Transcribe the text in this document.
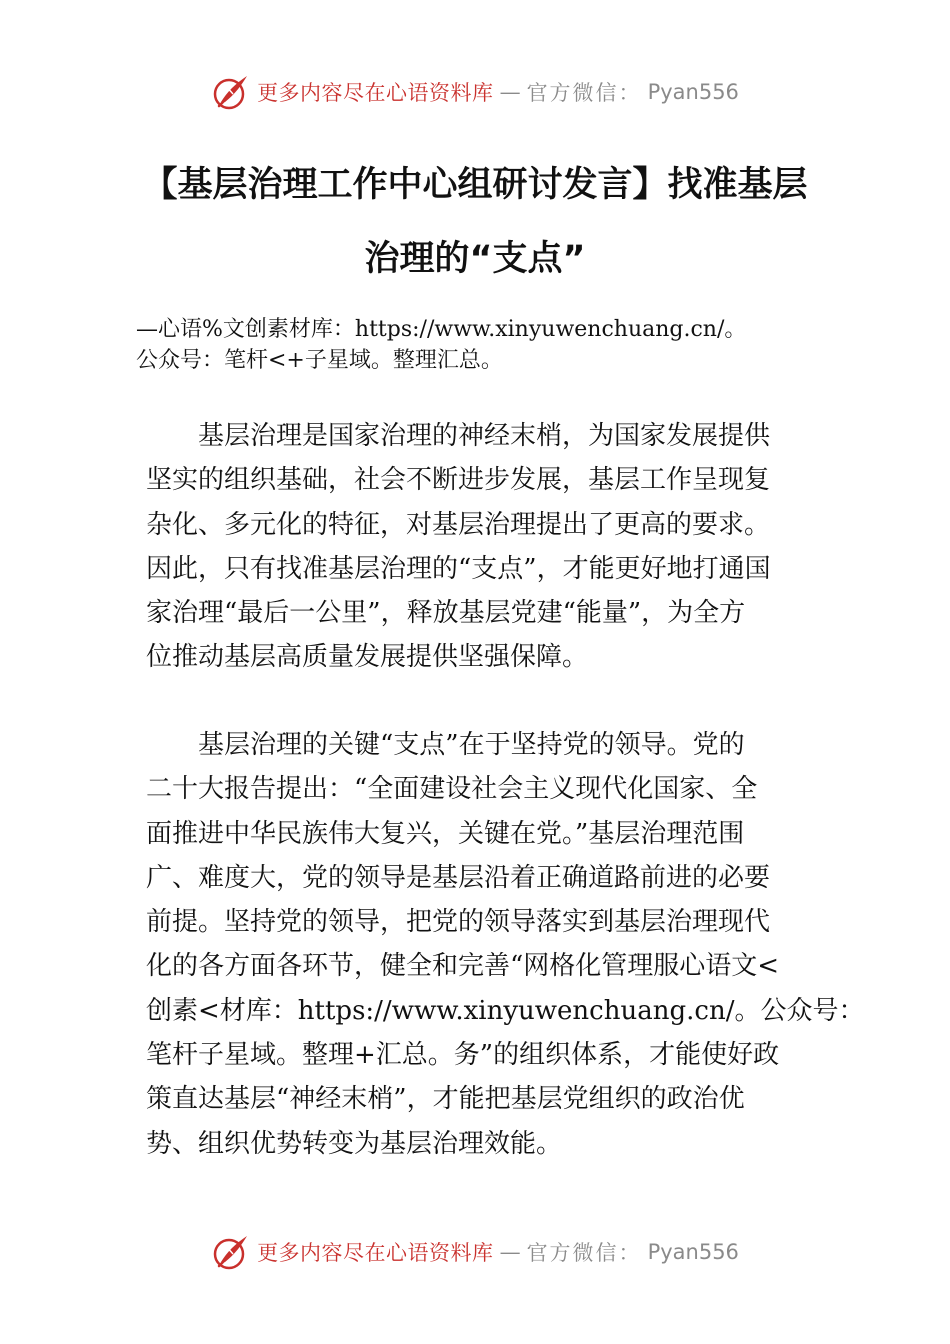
更多内容尽在心语资料库 — 官方微信： Pyan556
【基层治理工作中心组研讨发言】找准基层
治理的“支点”
—心语%文创素材库：https://www.xinyuwenchuang.cn/。
公众号：笔杆<+子星域。整理汇总。
基层治理是国家治理的神经末梢，为国家发展提供
坚实的组织基础，社会不断进步发展，基层工作呈现复
杂化、多元化的特征，对基层治理提出了更高的要求。
因此，只有找准基层治理的“支点”，才能更好地打通国
家治理“最后一公里”，释放基层党建“能量”，为全方
位推动基层高质量发展提供坚强保障。
基层治理的关键“支点”在于坚持党的领导。党的
二十大报告提出：“全面建设社会主义现代化国家、全
面推进中华民族伟大复兴，关键在党。”基层治理范围
广、难度大，党的领导是基层沿着正确道路前进的必要
前提。坚持党的领导，把党的领导落实到基层治理现代
化的各方面各环节，健全和完善“网格化管理服心语文<
创素<材库：https://www.xinyuwenchuang.cn/。公众号：
笔杆子星域。整理+汇总。务”的组织体系，才能使好政
策直达基层“神经末梢”，才能把基层党组织的政治优
势、组织优势转变为基层治理效能。
更多内容尽在心语资料库 — 官方微信： Pyan556
